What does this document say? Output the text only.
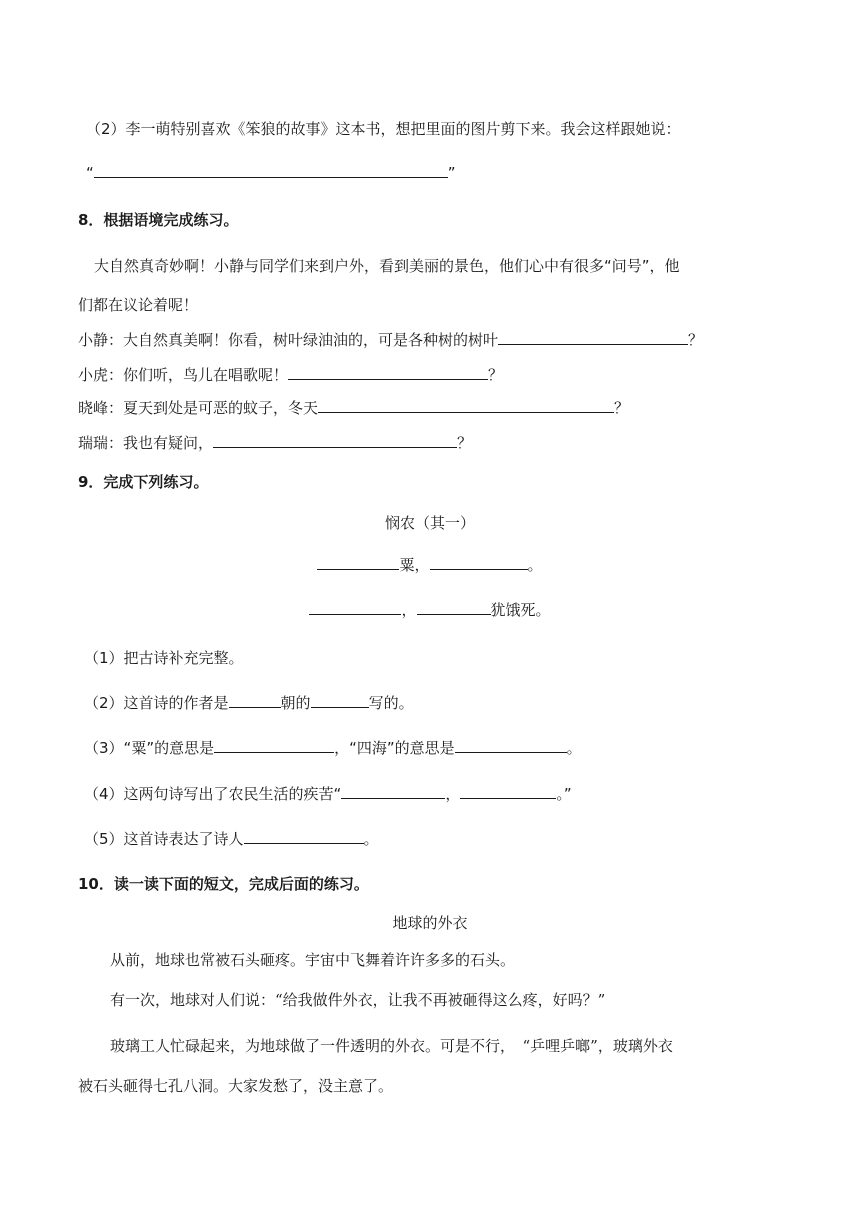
（2）李一萌特别喜欢《笨狼的故事》这本书，想把里面的图片剪下来。我会这样跟她说：
“	”
8．根据语境完成练习。
大自然真奇妙啊！小静与同学们来到户外，看到美丽的景色，他们心中有很多“问号”，他
们都在议论着呢！
小静：大自然真美啊！你看，树叶绿油油的，可是各种树的树叶	？
小虎：你们听，鸟儿在唱歌呢！	？
晓峰：夏天到处是可恶的蚊子，冬天	？
瑞瑞：我也有疑问，	？
9．完成下列练习。
悯农（其一）
粟，	。
，	犹饿死。
（1）把古诗补充完整。
（2）这首诗的作者是	朝的	写的。
（3）“粟”的意思是	，“四海”的意思是	。
（4）这两句诗写出了农民生活的疾苦“	，	。”
（5）这首诗表达了诗人	。
10．读一读下面的短文，完成后面的练习。
地球的外衣
从前，地球也常被石头砸疼。宇宙中飞舞着许许多多的石头。
有一次，地球对人们说：“给我做件外衣，让我不再被砸得这么疼，好吗？”
玻璃工人忙碌起来，为地球做了一件透明的外衣。可是不行，　“乒哩乒啷”，玻璃外衣
被石头砸得七孔八洞。大家发愁了，没主意了。
